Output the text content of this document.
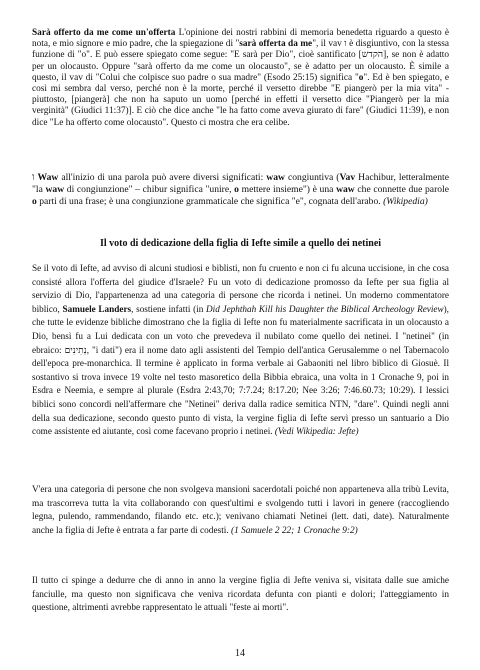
Sarà offerto da me come un'offerta L'opinione dei nostri rabbini di memoria benedetta riguardo a questo è nota, e mio signore e mio padre, che la spiegazione di "sarà offerta da me", il vav ו è disgiuntivo, con la stessa funzione di "o". E può essere spiegato come segue: "E sarà per Dio", cioè santificato [הקדש], se non è adatto per un olocausto. Oppure "sarà offerto da me come un olocausto", se è adatto per un olocausto. È simile a questo, il vav di "Colui che colpisce suo padre o sua madre" (Esodo 25:15) significa "o". Ed è ben spiegato, e così mi sembra dal verso, perché non è la morte, perché il versetto direbbe "E piangerò per la mia vita" - piuttosto, [piangerà] che non ha saputo un uomo [perché in effetti il versetto dice "Piangerò per la mia verginità" (Giudici 11:37)]. E ciò che dice anche "le ha fatto come aveva giurato di fare" (Giudici 11:39), e non dice "Le ha offerto come olocausto". Questo ci mostra che era celibe.

ו Waw all'inizio di una parola può avere diversi significati: waw congiuntiva (Vav Hachibur, letteralmente "la waw di congiunzione" – chibur significa "unire, o mettere insieme") è una waw che connette due parole o parti di una frase; è una congiunzione grammaticale che significa "e", cognata dell'arabo. (Wikipedia)

Il voto di dedicazione della figlia di Iefte simile a quello dei netinei

Se il voto di Iefte, ad avviso di alcuni studiosi e biblisti, non fu cruento e non ci fu alcuna uccisione, in che cosa consisté allora l'offerta del giudice d'Israele? Fu un voto di dedicazione promosso da Iefte per sua figlia al servizio di Dio, l'appartenenza ad una categoria di persone che ricorda i netinei. Un moderno commentatore biblico, Samuele Landers, sostiene infatti (in Did Jephthah Kill his Daughter the Biblical Archeology Review), che tutte le evidenze bibliche dimostrano che la figlia di Iefte non fu materialmente sacrificata in un olocausto a Dio, bensì fu a Lui dedicata con un voto che prevedeva il nubilato come quello dei netinei. I "netinei" (in ebraico: נְתִינִים, "i dati") era il nome dato agli assistenti del Tempio dell'antica Gerusalemme o nel Tabernacolo dell'epoca pre-monarchica. Il termine è applicato in forma verbale ai Gabaoniti nel libro biblico di Giosuè. Il sostantivo si trova invece 19 volte nel testo masoretico della Bibbia ebraica, una volta in 1 Cronache 9, poi in Esdra e Neemia, e sempre al plurale (Esdra 2:43,70; 7:7.24; 8:17.20; Nee 3:26; 7:46.60.73; 10:29). I lessici biblici sono concordi nell'affermare che "Netinei" deriva dalla radice semitica NTN, "dare". Quindi negli anni della sua dedicazione, secondo questo punto di vista, la vergine figlia di Iefte servì presso un santuario a Dio come assistente ed aiutante, così come facevano proprio i netinei. (Vedi Wikipedia: Jefte)

V'era una categoria di persone che non svolgeva mansioni sacerdotali poiché non apparteneva alla tribù Levita, ma trascorreva tutta la vita collaborando con quest'ultimi e svolgendo tutti i lavori in genere (raccogliendo legna, pulendo, rammendando, filando etc. etc.); venivano chiamati Netinei (lett. dati, date). Naturalmente anche la figlia di Jefte è entrata a far parte di codesti. (1 Samuele 2 22; 1 Cronache 9:2)

Il tutto ci spinge a dedurre che di anno in anno la vergine figlia di Jefte veniva si, visitata dalle sue amiche fanciulle, ma questo non significava che veniva ricordata defunta con pianti e dolori; l'atteggiamento in questione, altrimenti avrebbe rappresentato le attuali "feste ai morti".

14
